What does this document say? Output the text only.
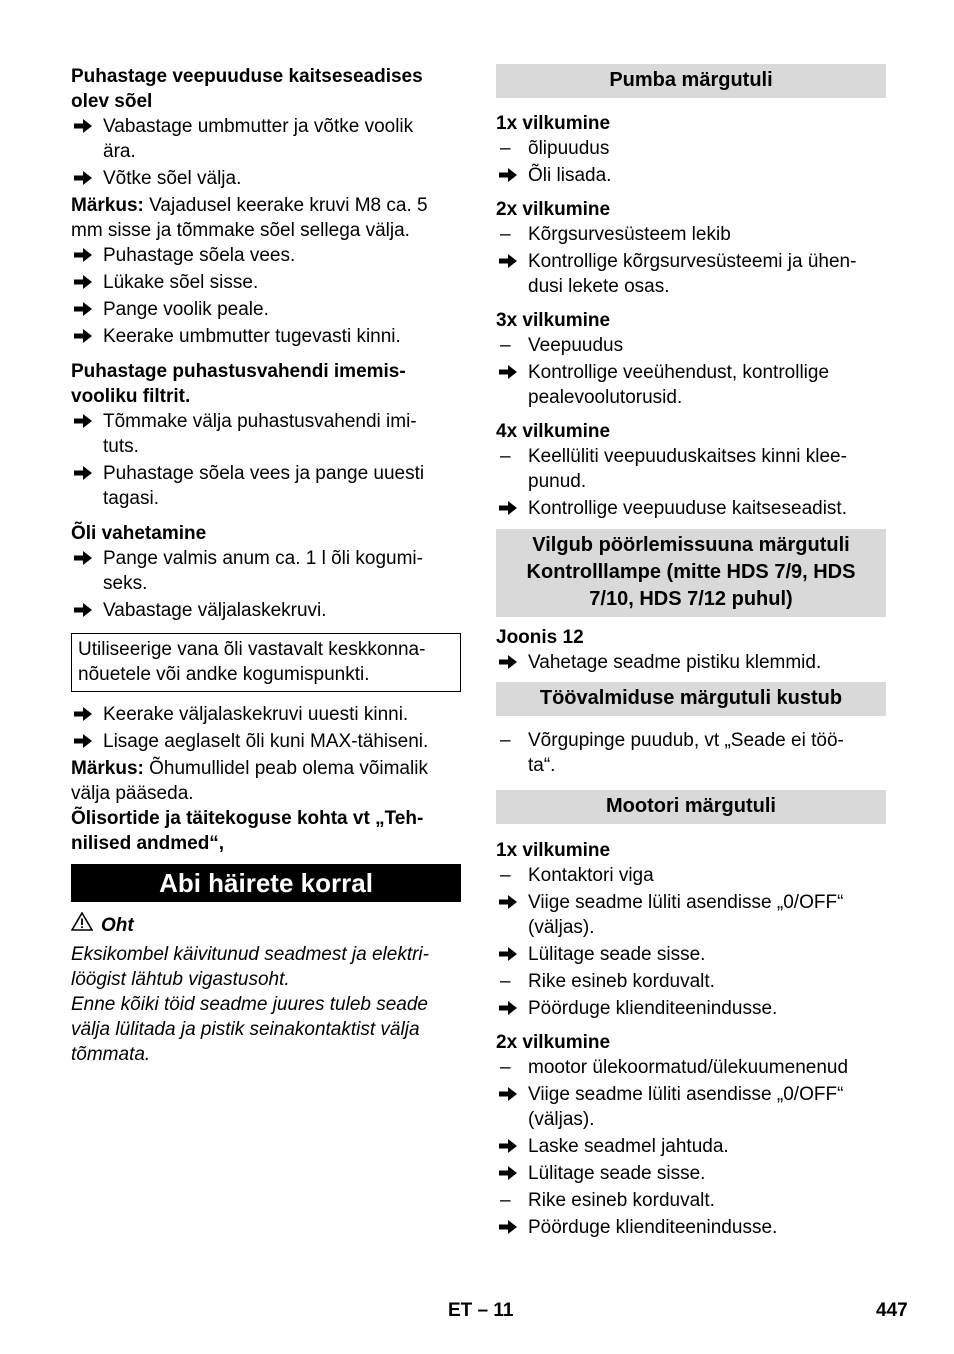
Puhastage veepuuduse kaitseseadises
olev sõel

Vabastage umbmutter ja võtke voolik
ära.
Võtke sõel välja.

Märkus: Vajadusel keerake kruvi M8 ca. 5
mm sisse ja tõmmake sõel sellega välja.

Puhastage sõela vees.
Lükake sõel sisse.
Pange voolik peale.
Keerake umbmutter tugevasti kinni.

Puhastage puhastusvahendi imemis-
vooliku filtrit.

Tõmmake välja puhastusvahendi imi-
tuts.
Puhastage sõela vees ja pange uuesti
tagasi.

Õli vahetamine

Pange valmis anum ca. 1 l õli kogumi-
seks.
Vabastage väljalaskekruvi.
Utiliseerige vana õli vastavalt keskkonna-
nõuetele või andke kogumispunkti.
Keerake väljalaskekruvi uuesti kinni.
Lisage aeglaselt õli kuni MAX-tähiseni.

Märkus: Õhumullidel peab olema võimalik
välja pääseda.

Õlisortide ja täitekoguse kohta vt „Teh-
nilised andmed“,

Abi häirete korral
Oht

Eksikombel käivitunud seadmest ja elektri-
löögist lähtub vigastusoht.
Enne kõiki töid seadme juures tuleb seade
välja lülitada ja pistik seinakontaktist välja
tõmmata.

Pumba märgutuli

1x vilkumine

– õlipuudus
Õli lisada.

2x vilkumine

– Kõrgsurvesüsteem lekib
Kontrollige kõrgsurvesüsteemi ja ühen-
dusi lekete osas.

3x vilkumine

– Veepuudus
Kontrollige veeühendust, kontrollige
pealevoolutorusid.

4x vilkumine

– Keellüliti veepuuduskaitses kinni klee-
punud.
Kontrollige veepuuduse kaitseseadist.
Vilgub pöörlemissuuna märgutuli
Kontrolllampe (mitte HDS 7/9, HDS
7/10, HDS 7/12 puhul)

Joonis 12

Vahetage seadme pistiku klemmid.
Töövalmiduse märgutuli kustub
– Võrgupinge puudub, vt „Seade ei töö-
ta“.
Mootori märgutuli

1x vilkumine

– Kontaktori viga
Viige seadme lüliti asendisse „0/OFF“
(väljas).
Lülitage seade sisse.
– Rike esineb korduvalt.
Pöörduge klienditeenindusse.

2x vilkumine

– mootor ülekoormatud/ülekuumenenud
Viige seadme lüliti asendisse „0/OFF“
(väljas).
Laske seadmel jahtuda.
Lülitage seade sisse.
– Rike esineb korduvalt.
Pöörduge klienditeenindusse.
ET – 11	447
